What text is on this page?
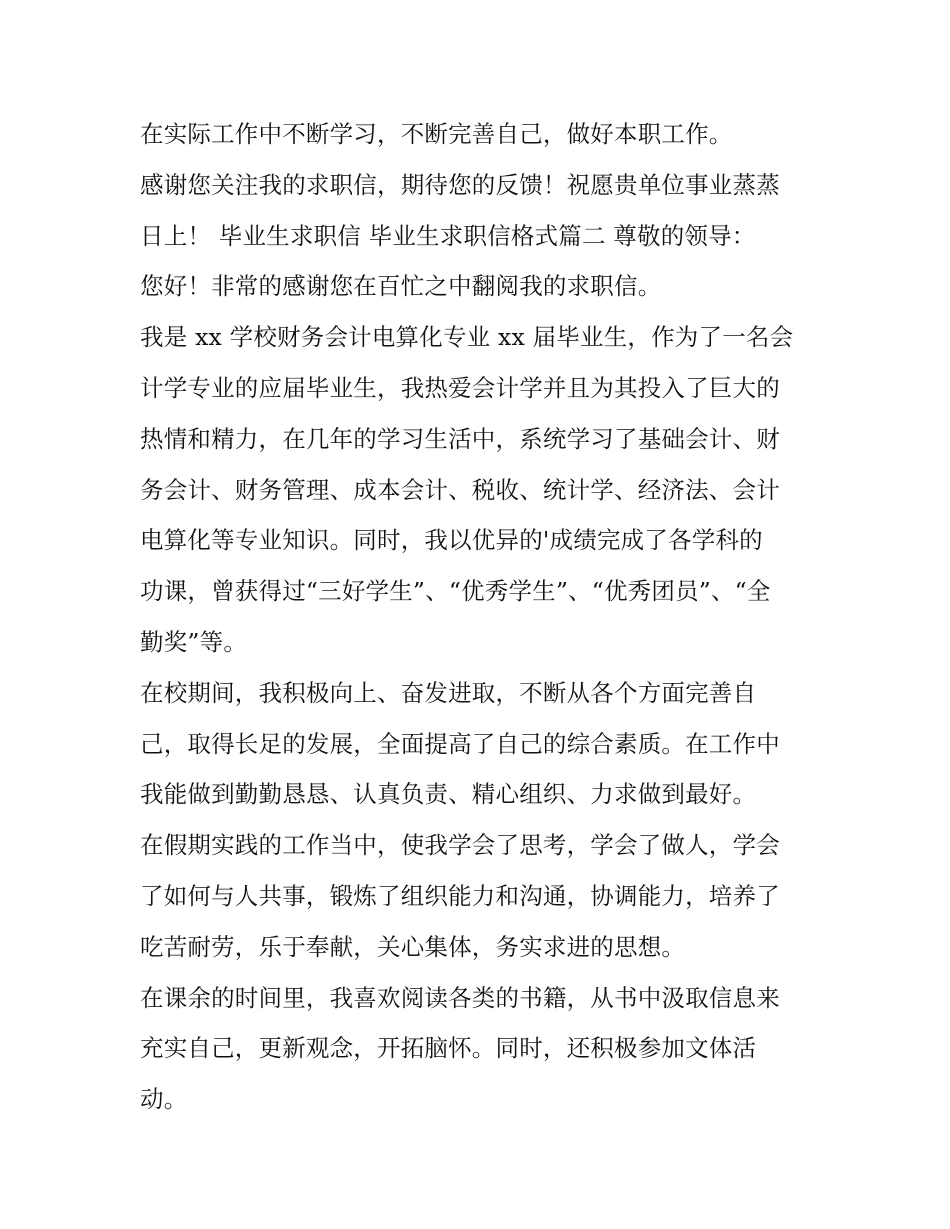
在实际工作中不断学习，不断完善自己，做好本职工作。
感谢您关注我的求职信，期待您的反馈！祝愿贵单位事业蒸蒸
日上！ 毕业生求职信 毕业生求职信格式篇二 尊敬的领导：
您好！非常的感谢您在百忙之中翻阅我的求职信。
我是 xx 学校财务会计电算化专业 xx 届毕业生，作为了一名会
计学专业的应届毕业生，我热爱会计学并且为其投入了巨大的
热情和精力，在几年的学习生活中，系统学习了基础会计、财
务会计、财务管理、成本会计、税收、统计学、经济法、会计
电算化等专业知识。同时，我以优异的'成绩完成了各学科的
功课，曾获得过“三好学生”、“优秀学生”、“优秀团员”、“全
勤奖”等。
在校期间，我积极向上、奋发进取，不断从各个方面完善自
己，取得长足的发展，全面提高了自己的综合素质。在工作中
我能做到勤勤恳恳、认真负责、精心组织、力求做到最好。
在假期实践的工作当中，使我学会了思考，学会了做人，学会
了如何与人共事，锻炼了组织能力和沟通，协调能力，培养了
吃苦耐劳，乐于奉献，关心集体，务实求进的思想。
在课余的时间里，我喜欢阅读各类的书籍，从书中汲取信息来
充实自己，更新观念，开拓脑怀。同时，还积极参加文体活
动。
